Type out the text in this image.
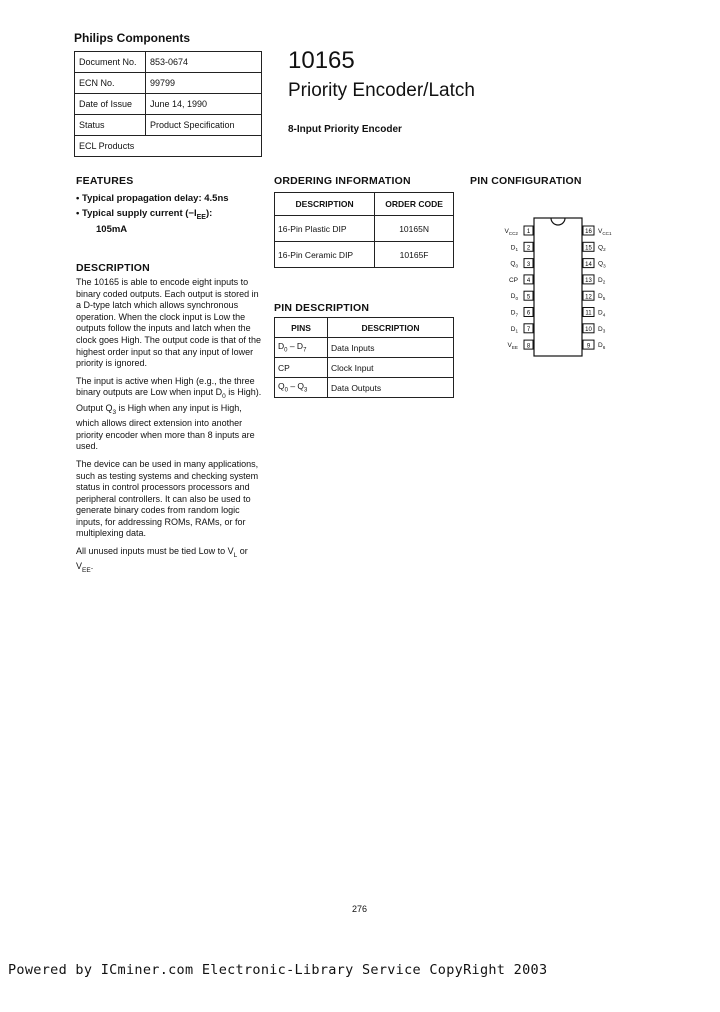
Philips Components
Document No.	853-0674
ECN No.	99799
Date of Issue	June 14, 1990
Status	Product Specification
ECL Products	
10165
Priority Encoder/Latch
8-Input Priority Encoder
FEATURES
• Typical propagation delay: 4.5ns
• Typical supply current $(-I_{EE})$:
105mA
DESCRIPTION

The 10165 is able to encode eight inputs to binary coded outputs. Each output is stored in a D-type latch which allows synchronous operation. When the clock input is Low the outputs follow the inputs and latch when the clock goes High. The output code is that of the highest order input so that any input of lower priority is ignored.

The input is active when High (e.g., the three binary outputs are Low when input $D_0$ is High). Output $Q_3$ is High when any input is High, which allows direct extension into another priority encoder when more than 8 inputs are used.

The device can be used in many applications, such as testing systems and checking system status in control processors processors and peripheral controllers. It can also be used to generate binary codes from random logic inputs, for addressing ROMs, RAMs, or for multiplexing data.

All unused inputs must be tied Low to $V_L$ or $V_{EE}$.

ORDERING INFORMATION
DESCRIPTION	ORDER CODE
16-Pin Plastic DIP	10165N
16-Pin Ceramic DIP	10165F
PIN DESCRIPTION
PINS	DESCRIPTION
$D_0 - D_7$	Data Inputs
CP	Clock Input
$Q_0 - Q_3$	Data Outputs
PIN CONFIGURATION
1
$V_{CC2}$
2
$D_1$
3
$Q_0$
4
CP
5
$D_0$
6
$D_7$
7
$D_1$
8
$V_{EE}$
16 $V_{CC1}$
15 $Q_2$
14 $Q_3$
13 $D_2$
12 $D_5$
11 $D_4$
10 $D_3$
9 $D_6$
276
Powered by ICminer.com Electronic-Library Service CopyRight 2003
